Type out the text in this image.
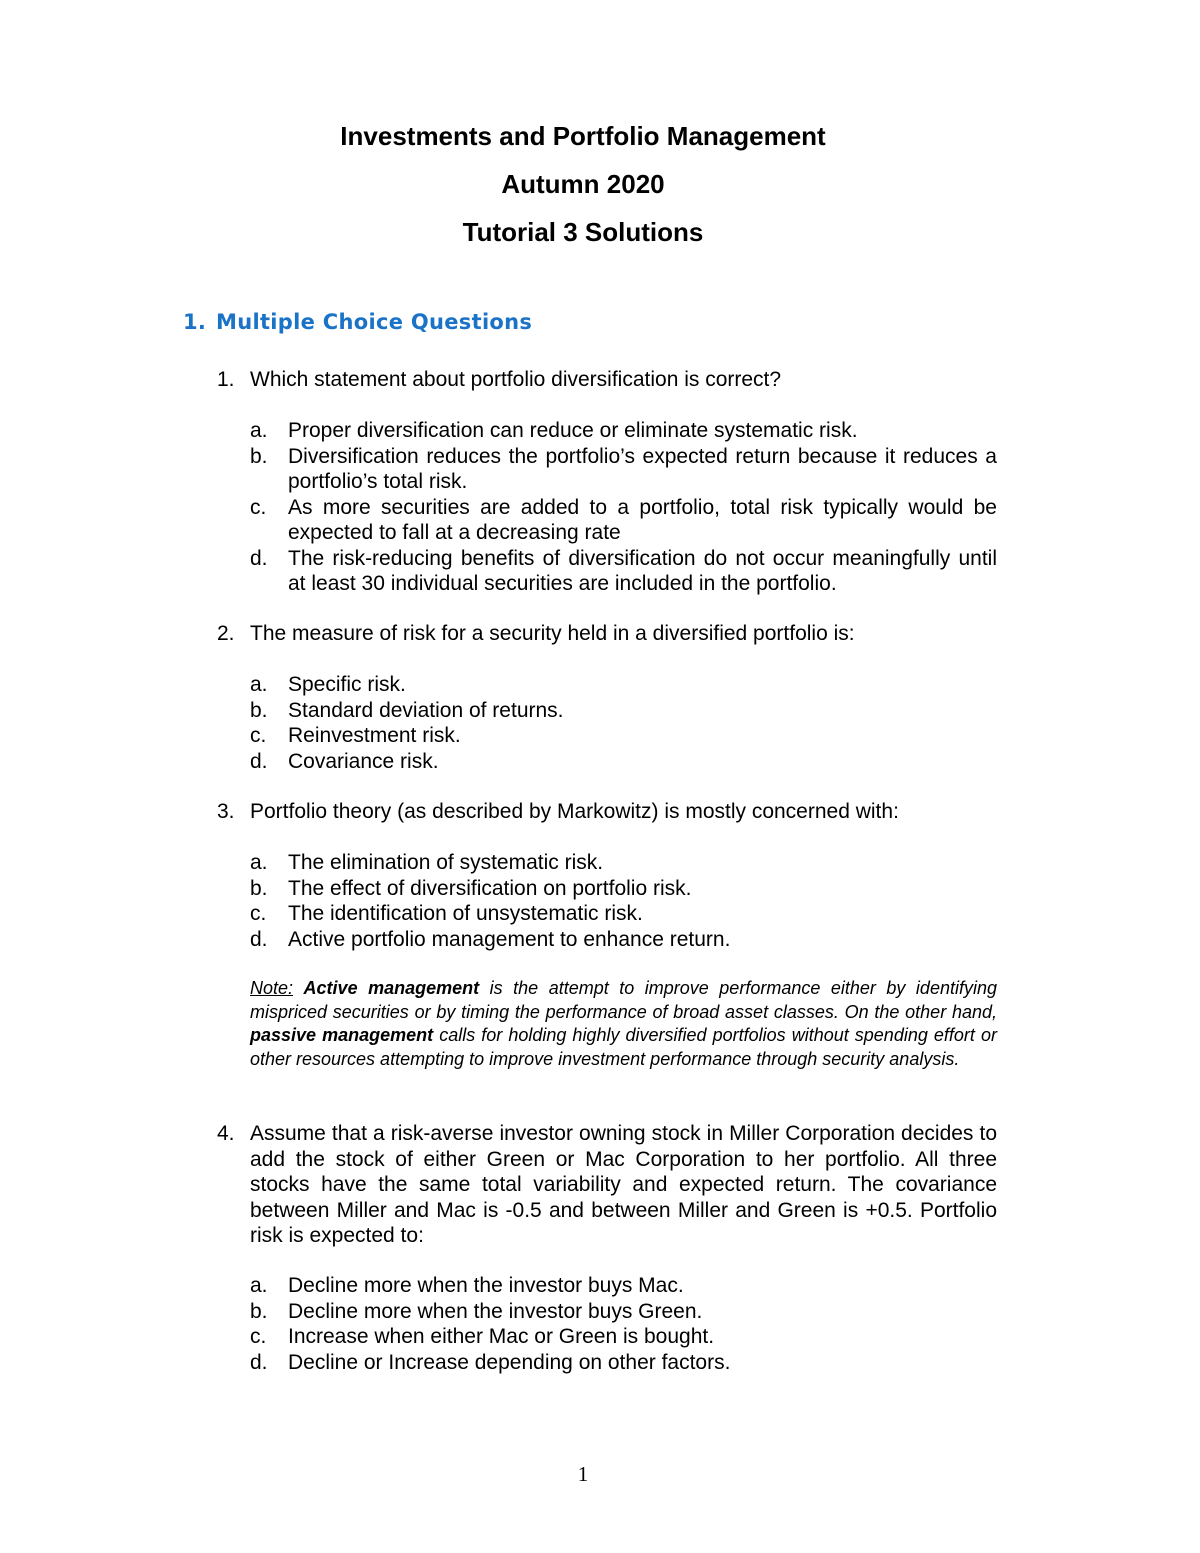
Investments and Portfolio Management
Autumn 2020
Tutorial 3 Solutions
1. Multiple Choice Questions
1. Which statement about portfolio diversification is correct?
a. Proper diversification can reduce or eliminate systematic risk.
b. Diversification reduces the portfolio’s expected return because it reduces a portfolio’s total risk.
c. As more securities are added to a portfolio, total risk typically would be expected to fall at a decreasing rate
d. The risk-reducing benefits of diversification do not occur meaningfully until at least 30 individual securities are included in the portfolio.
2. The measure of risk for a security held in a diversified portfolio is:
a. Specific risk.
b. Standard deviation of returns.
c. Reinvestment risk.
d. Covariance risk.
3. Portfolio theory (as described by Markowitz) is mostly concerned with:
a. The elimination of systematic risk.
b. The effect of diversification on portfolio risk.
c. The identification of unsystematic risk.
d. Active portfolio management to enhance return.
Note: Active management is the attempt to improve performance either by identifying mispriced securities or by timing the performance of broad asset classes. On the other hand, passive management calls for holding highly diversified portfolios without spending effort or other resources attempting to improve investment performance through security analysis.
4. Assume that a risk-averse investor owning stock in Miller Corporation decides to add the stock of either Green or Mac Corporation to her portfolio. All three stocks have the same total variability and expected return. The covariance between Miller and Mac is -0.5 and between Miller and Green is +0.5. Portfolio risk is expected to:
a. Decline more when the investor buys Mac.
b. Decline more when the investor buys Green.
c. Increase when either Mac or Green is bought.
d. Decline or Increase depending on other factors.
1
